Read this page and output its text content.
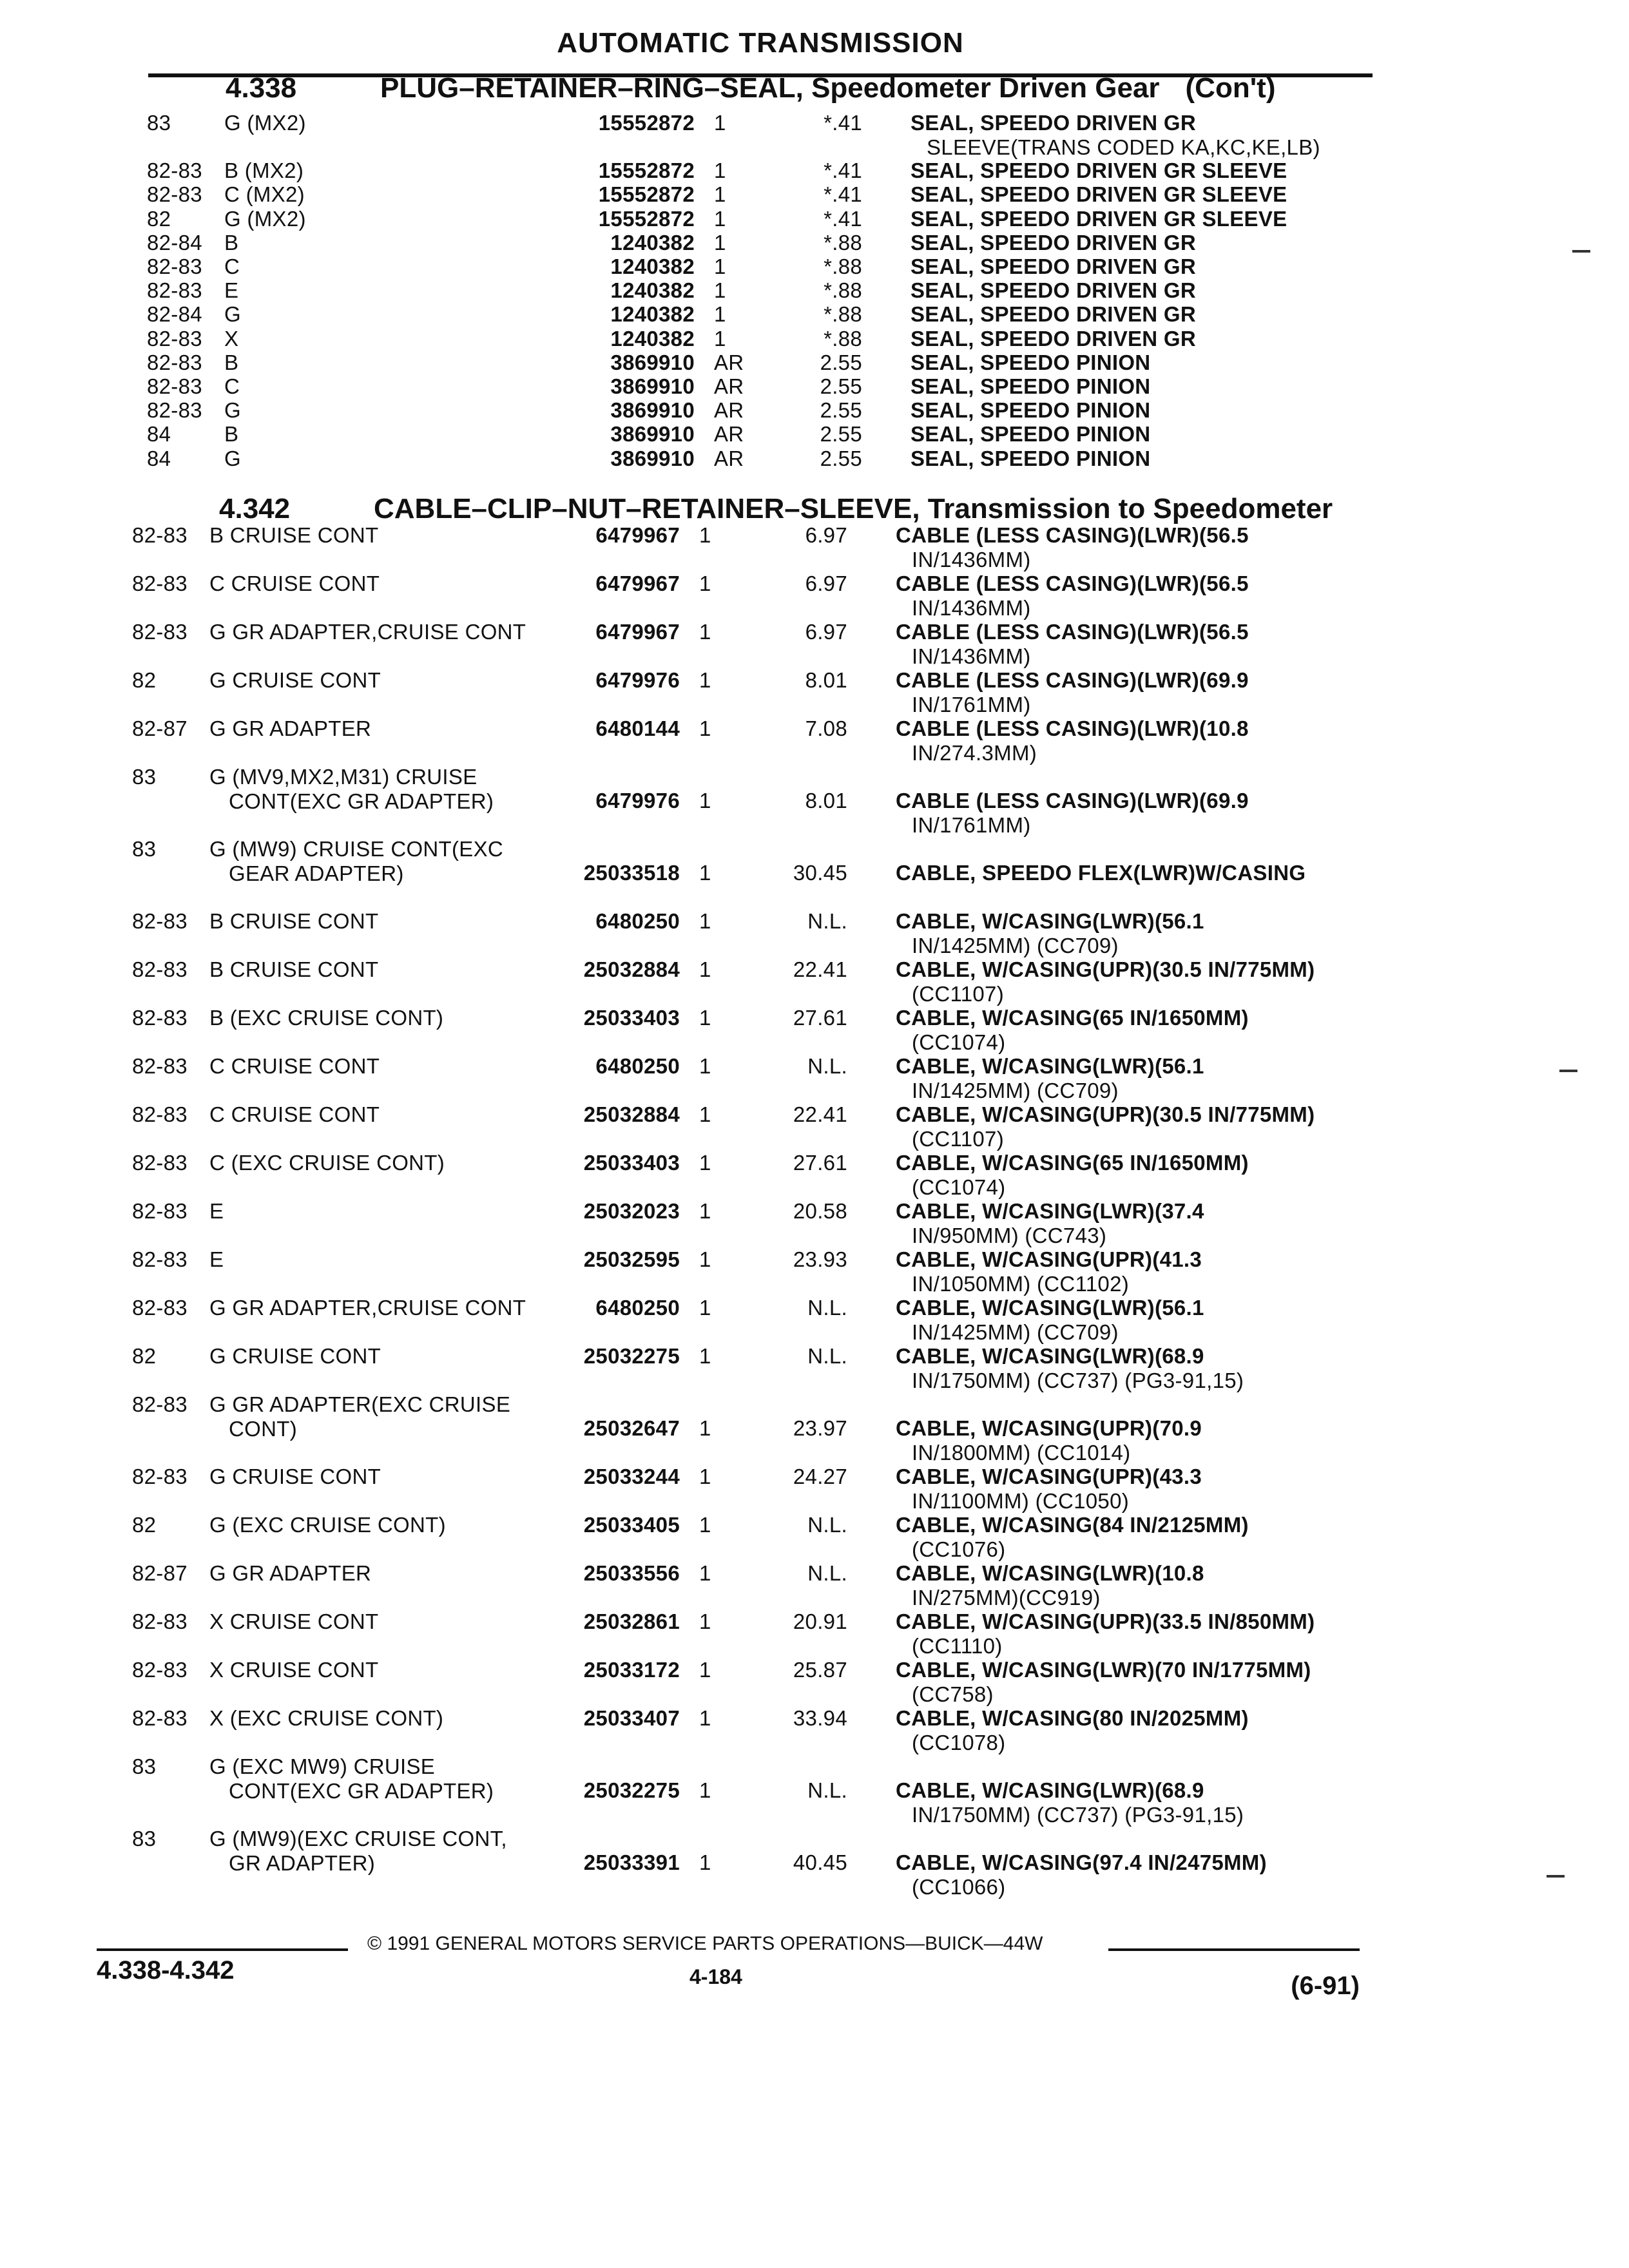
AUTOMATIC TRANSMISSION
4.338	PLUG–RETAINER–RING–SEAL, Speedometer Driven Gear (Con't)
83	G (MX2)	15552872 1	*.41 SEAL, SPEEDO DRIVEN GR
SLEEVE(TRANS CODED KA,KC,KE,LB)
82-83	B (MX2)	15552872 1	*.41 SEAL, SPEEDO DRIVEN GR SLEEVE
82-83	C (MX2)	15552872 1	*.41 SEAL, SPEEDO DRIVEN GR SLEEVE
82	G (MX2)	15552872 1	*.41 SEAL, SPEEDO DRIVEN GR SLEEVE
82-84	B	1240382 1	*.88 SEAL, SPEEDO DRIVEN GR
82-83	C	1240382 1	*.88 SEAL, SPEEDO DRIVEN GR
82-83	E	1240382 1	*.88 SEAL, SPEEDO DRIVEN GR
82-84	G	1240382 1	*.88 SEAL, SPEEDO DRIVEN GR
82-83	X	1240382 1	*.88 SEAL, SPEEDO DRIVEN GR
82-83	B	3869910 AR	2.55 SEAL, SPEEDO PINION
82-83	C	3869910 AR	2.55 SEAL, SPEEDO PINION
82-83	G	3869910 AR	2.55 SEAL, SPEEDO PINION
84	B	3869910 AR	2.55 SEAL, SPEEDO PINION
84	G	3869910 AR	2.55 SEAL, SPEEDO PINION
4.342	CABLE–CLIP–NUT–RETAINER–SLEEVE, Transmission to Speedometer
82-83	B CRUISE CONT	6479967 1	6.97 CABLE (LESS CASING)(LWR)(56.5
IN/1436MM)
82-83	C CRUISE CONT	6479967 1	6.97 CABLE (LESS CASING)(LWR)(56.5
IN/1436MM)
82-83	G GR ADAPTER,CRUISE CONT	6479967 1	6.97 CABLE (LESS CASING)(LWR)(56.5
IN/1436MM)
82	G CRUISE CONT	6479976 1	8.01 CABLE (LESS CASING)(LWR)(69.9
IN/1761MM)
82-87	G GR ADAPTER	6480144 1	7.08 CABLE (LESS CASING)(LWR)(10.8
IN/274.3MM)
83	G (MV9,MX2,M31) CRUISE
CONT(EXC GR ADAPTER)	6479976 1	8.01 CABLE (LESS CASING)(LWR)(69.9
IN/1761MM)
83	G (MW9) CRUISE CONT(EXC
GEAR ADAPTER)	25033518 1	30.45 CABLE, SPEEDO FLEX(LWR)W/CASING
82-83	B CRUISE CONT	6480250 1	N.L. CABLE, W/CASING(LWR)(56.1
IN/1425MM) (CC709)
82-83	B CRUISE CONT	25032884 1	22.41 CABLE, W/CASING(UPR)(30.5 IN/775MM)
(CC1107)
82-83	B (EXC CRUISE CONT)	25033403 1	27.61 CABLE, W/CASING(65 IN/1650MM)
(CC1074)
82-83	C CRUISE CONT	6480250 1	N.L. CABLE, W/CASING(LWR)(56.1
IN/1425MM) (CC709)
82-83	C CRUISE CONT	25032884 1	22.41 CABLE, W/CASING(UPR)(30.5 IN/775MM)
(CC1107)
82-83	C (EXC CRUISE CONT)	25033403 1	27.61 CABLE, W/CASING(65 IN/1650MM)
(CC1074)
82-83	E	25032023 1	20.58 CABLE, W/CASING(LWR)(37.4
IN/950MM) (CC743)
82-83	E	25032595 1	23.93 CABLE, W/CASING(UPR)(41.3
IN/1050MM) (CC1102)
82-83	G GR ADAPTER,CRUISE CONT	6480250 1	N.L. CABLE, W/CASING(LWR)(56.1
IN/1425MM) (CC709)
82	G CRUISE CONT	25032275 1	N.L. CABLE, W/CASING(LWR)(68.9
IN/1750MM) (CC737) (PG3-91,15)
82-83	G GR ADAPTER(EXC CRUISE
CONT)	25032647 1	23.97 CABLE, W/CASING(UPR)(70.9
IN/1800MM) (CC1014)
82-83	G CRUISE CONT	25033244 1	24.27 CABLE, W/CASING(UPR)(43.3
IN/1100MM) (CC1050)
82	G (EXC CRUISE CONT)	25033405 1	N.L. CABLE, W/CASING(84 IN/2125MM)
(CC1076)
82-87	G GR ADAPTER	25033556 1	N.L. CABLE, W/CASING(LWR)(10.8
IN/275MM)(CC919)
82-83	X CRUISE CONT	25032861 1	20.91 CABLE, W/CASING(UPR)(33.5 IN/850MM)
(CC1110)
82-83	X CRUISE CONT	25033172 1	25.87 CABLE, W/CASING(LWR)(70 IN/1775MM)
(CC758)
82-83	X (EXC CRUISE CONT)	25033407 1	33.94 CABLE, W/CASING(80 IN/2025MM)
(CC1078)
83	G (EXC MW9) CRUISE
CONT(EXC GR ADAPTER)	25032275 1	N.L. CABLE, W/CASING(LWR)(68.9
IN/1750MM) (CC737) (PG3-91,15)
83	G (MW9)(EXC CRUISE CONT,
GR ADAPTER)	25033391 1	40.45 CABLE, W/CASING(97.4 IN/2475MM)
(CC1066)
© 1991 GENERAL MOTORS SERVICE PARTS OPERATIONS—BUICK—44W
4.338-4.342	4-184	(6-91)
